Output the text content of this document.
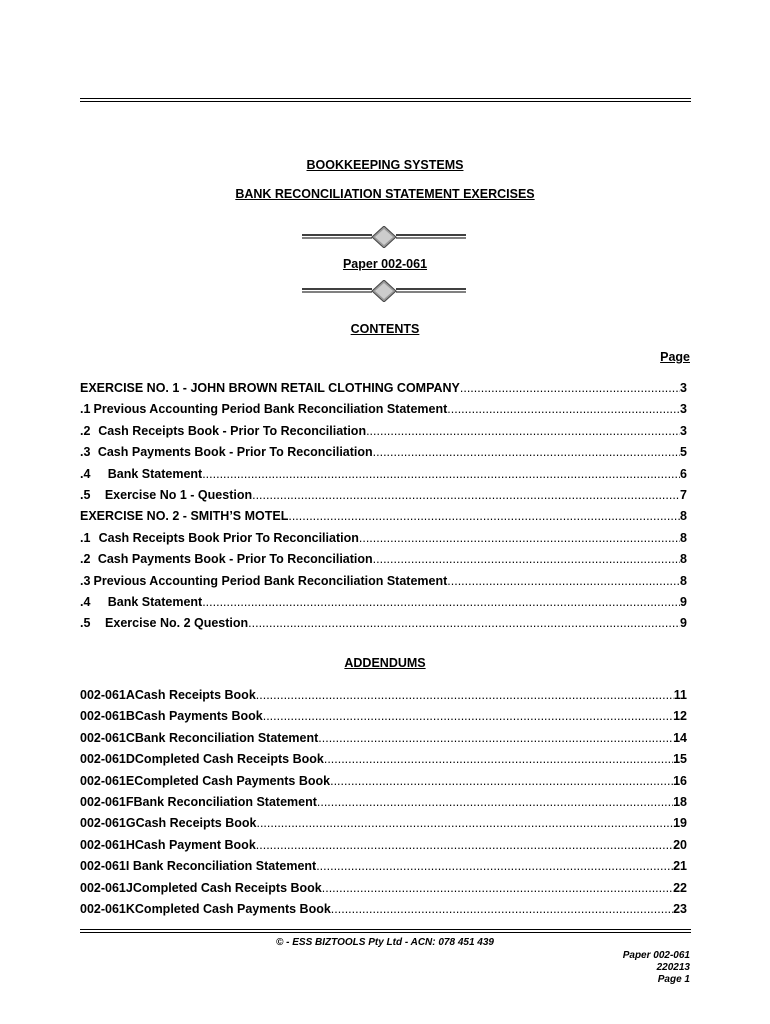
BOOKKEEPING SYSTEMS
BANK RECONCILIATION STATEMENT EXERCISES
Paper 002-061
CONTENTS
Page
EXERCISE NO. 1 - JOHN BROWN RETAIL CLOTHING COMPANY .....	3
.1 Previous Accounting Period Bank Reconciliation Statement .....	3
.2 Cash Receipts Book - Prior To Reconciliation .....	3
.3 Cash Payments Book - Prior To Reconciliation .....	5
.4	Bank Statement .....	6
.5	Exercise No 1 - Question .....	7
EXERCISE NO. 2 - SMITH’S MOTEL .....	8
.1 Cash Receipts Book Prior To Reconciliation .....	8
.2 Cash Payments Book - Prior To Reconciliation .....	8
.3 Previous Accounting Period Bank Reconciliation Statement .....	8
.4	Bank Statement .....	9
.5	Exercise No. 2 Question .....	9
ADDENDUMS
002-061A Cash Receipts Book .....	11
002-061B Cash Payments Book .....	12
002-061C Bank Reconciliation Statement .....	14
002-061D Completed Cash Receipts Book .....	15
002-061E Completed Cash Payments Book .....	16
002-061F Bank Reconciliation Statement .....	18
002-061G Cash Receipts Book .....	19
002-061H Cash Payment Book .....	20
002-061I Bank Reconciliation Statement .....	21
002-061JCompleted Cash Receipts Book .....	22
002-061K Completed Cash Payments Book .....	23
© - ESS BIZTOOLS Pty Ltd - ACN: 078 451 439
Paper 002-061
220213
Page 1
